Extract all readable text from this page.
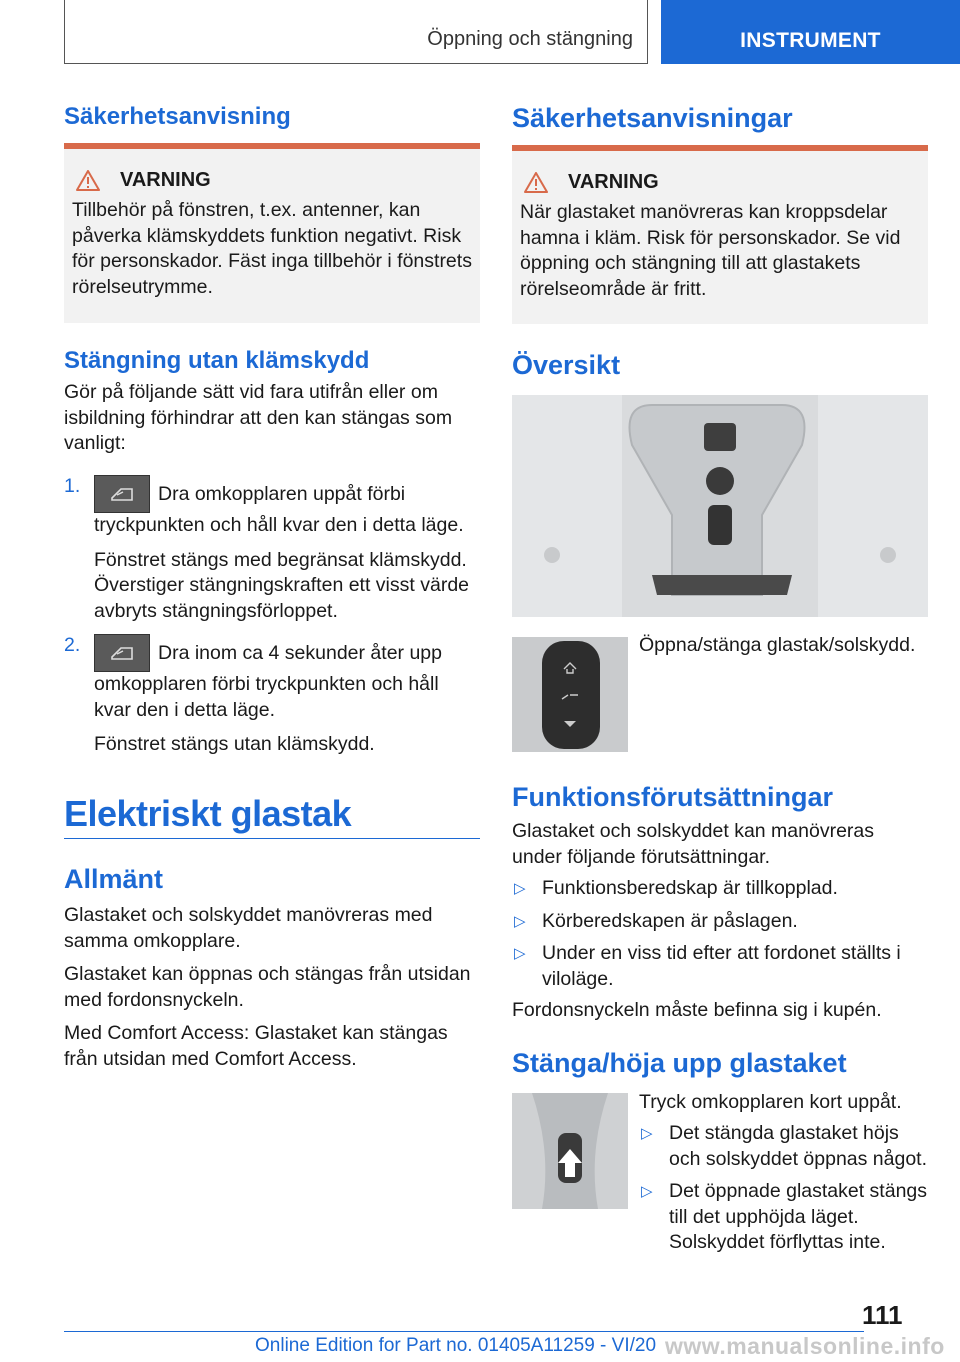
Öppning och stängning	INSTRUMENT
Säkerhetsanvisning
VARNING

Tillbehör på fönstren, t.ex. antenner, kan påverka klämskyddets funktion negativt. Risk för personskador. Fäst inga tillbehör i fönstrets rörelseutrymme.

Stängning utan klämskydd

Gör på följande sätt vid fara utifrån eller om isbildning förhindrar att den kan stängas som vanligt:

1.	Dra omkopplaren uppåt förbi tryckpunkten och håll kvar den i detta läge.

Fönstret stängs med begränsat klämskydd. Överstiger stängningskraften ett visst värde avbryts stängningsförloppet.

2.	Dra inom ca 4 sekunder åter upp omkopplaren förbi tryckpunkten och håll kvar den i detta läge.

Fönstret stängs utan klämskydd.

Elektriskt glastak
Allmänt

Glastaket och solskyddet manövreras med samma omkopplare.

Glastaket kan öppnas och stängas från utsidan med fordonsnyckeln.

Med Comfort Access: Glastaket kan stängas från utsidan med Comfort Access.

Säkerhetsanvisningar
VARNING

När glastaket manövreras kan kroppsdelar hamna i kläm. Risk för personskador. Se vid öppning och stängning till att glastakets rörelseområde är fritt.

Översikt

Öppna/stänga glastak/solskydd.

Funktionsförutsättningar

Glastaket och solskyddet kan manövreras under följande förutsättningar.

▷ Funktionsberedskap är tillkopplad.
▷ Körberedskapen är påslagen.
▷ Under en viss tid efter att fordonet ställts i viloläge.

Fordonsnyckeln måste befinna sig i kupén.

Stänga/höja upp glastaket

Tryck omkopplaren kort uppåt.

▷ Det stängda glastaket höjs och solskyddet öppnas något.
▷ Det öppnade glastaket stängs till det upphöjda läget. Solskyddet förflyttas inte.
111
Online Edition for Part no. 01405A11259 - VI/20 www.manualsonline.info
